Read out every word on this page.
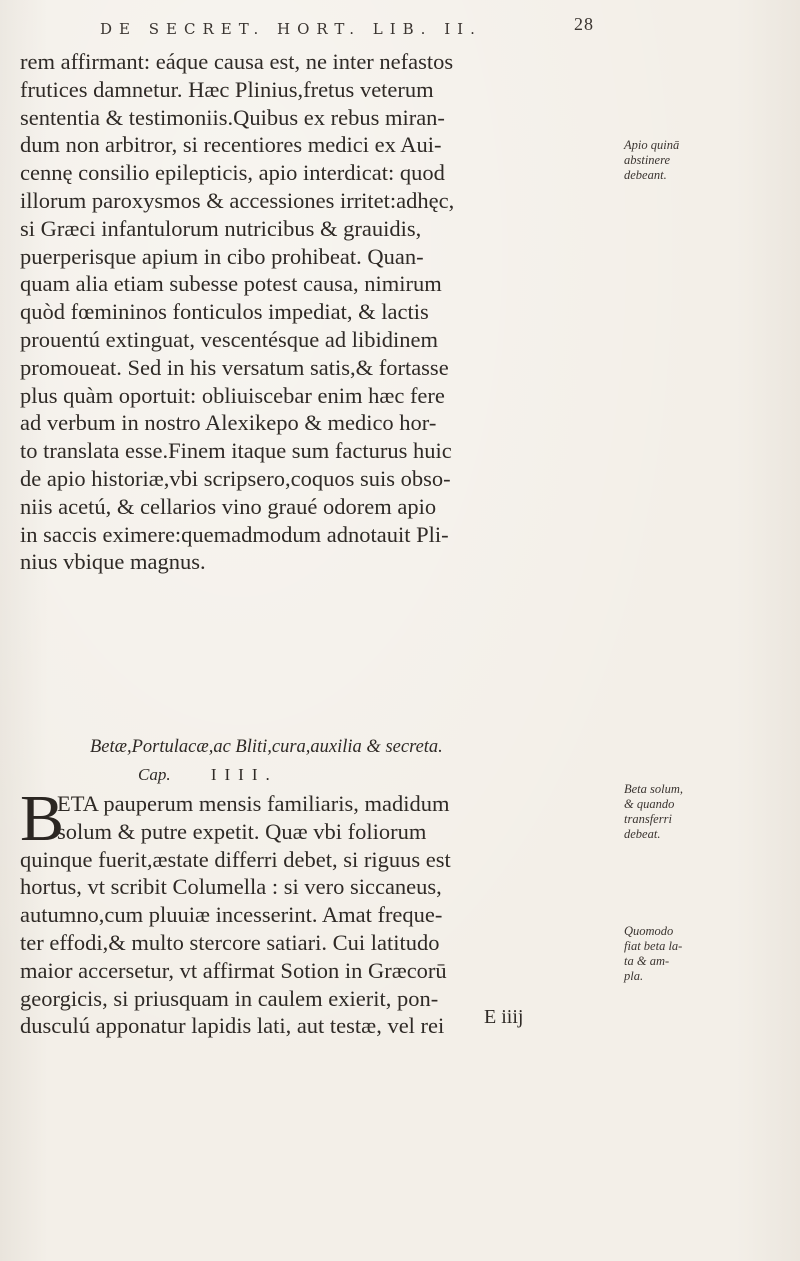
DE SECRET. HORT. LIB. II.	28
rem affirmant: eáque causa est, ne inter nefastos
frutices damnetur. Hæc Plinius,fretus veterum
sententia & testimoniis.Quibus ex rebus miran-
dum non arbitror, si recentiores medici ex Aui-
cennę consilio epilepticis, apio interdicat: quod
illorum paroxysmos & accessiones irritet:adhęc,
si Græci infantulorum nutricibus & grauidis,
puerperisque apium in cibo prohibeat. Quan-
quam alia etiam subesse potest causa, nimirum
quòd fœmininos fonticulos impediat, & lactis
prouentú extinguat, vescentésque ad libidinem
promoueat. Sed in his versatum satis,& fortasse
plus quàm oportuit: obliuiscebar enim hæc fere
ad verbum in nostro Alexikepo & medico hor-
to translata esse.Finem itaque sum facturus huic
de apio historiæ,vbi scripsero,coquos suis obso-
niis acetú, & cellarios vino graué odorem apio
in saccis eximere:quemadmodum adnotauit Pli-
nius vbique magnus.
Apio quinā
abstinere
debeant.
Betæ,Portulacæ,ac Bliti,cura,auxilia & secreta.
Cap. IIII.
B
ETA pauperum mensis familiaris, madidum
solum & putre expetit. Quæ vbi foliorum
quinque fuerit,æstate differri debet, si riguus est
hortus, vt scribit Columella : si vero siccaneus,
autumno,cum pluuiæ incesserint. Amat freque-
ter effodi,& multo stercore satiari. Cui latitudo
maior accersetur, vt affirmat Sotion in Græcorū
georgicis, si priusquam in caulem exierit, pon-
dusculú apponatur lapidis lati, aut testæ, vel rei
Beta solum,
& quando
transferri
debeat.
Quomodo
fiat beta la-
ta & am-
pla.
E iiij
